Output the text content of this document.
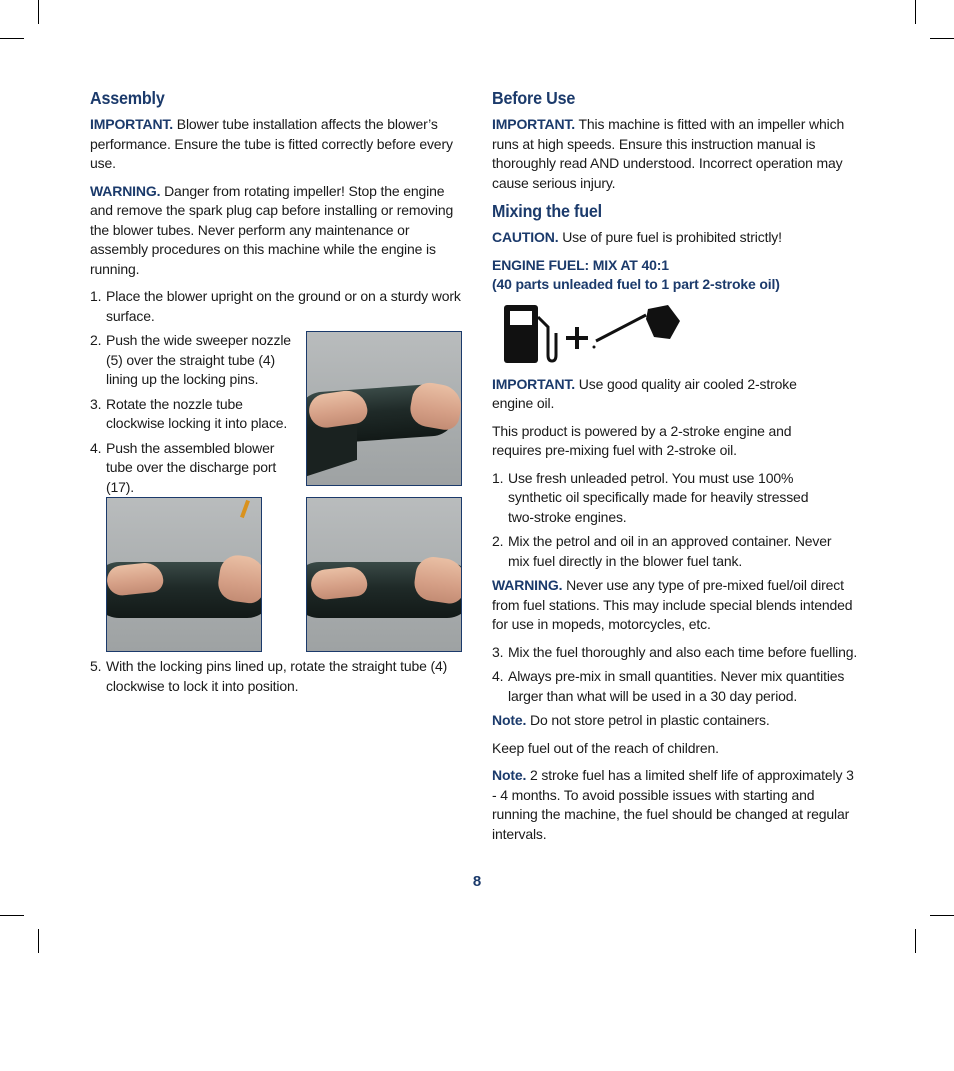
Assembly

IMPORTANT. Blower tube installation affects the blower’s performance. Ensure the tube is fitted correctly before every use.

WARNING. Danger from rotating impeller! Stop the engine and remove the spark plug cap before installing or removing the blower tubes. Never perform any maintenance or assembly procedures on this machine while the engine is running.

1. Place the blower upright on the ground or on a sturdy work surface.
2. Push the wide sweeper nozzle (5) over the straight tube (4) lining up the locking pins.
3. Rotate the nozzle tube clockwise locking it into place.
4. Push the assembled blower tube over the discharge port (17).
5. With the locking pins lined up, rotate the straight tube (4) clockwise to lock it into position.
Before Use

IMPORTANT. This machine is fitted with an impeller which runs at high speeds. Ensure this instruction manual is thoroughly read AND understood. Incorrect operation may cause serious injury.

Mixing the fuel

CAUTION. Use of pure fuel is prohibited strictly!

ENGINE FUEL: MIX AT 40:1
(40 parts unleaded fuel to 1 part 2-stroke oil)

IMPORTANT. Use good quality air cooled 2-stroke engine oil.

This product is powered by a 2-stroke engine and requires pre-mixing fuel with 2-stroke oil.

1. Use fresh unleaded petrol. You must use 100% synthetic oil specifically made for heavily stressed two-stroke engines.
2. Mix the petrol and oil in an approved container. Never mix fuel directly in the blower fuel tank.

WARNING. Never use any type of pre-mixed fuel/oil direct from fuel stations. This may include special blends intended for use in mopeds, motorcycles, etc.

3. Mix the fuel thoroughly and also each time before fuelling.
4. Always pre-mix in small quantities. Never mix quantities larger than what will be used in a 30 day period.

Note. Do not store petrol in plastic containers.

Keep fuel out of the reach of children.

Note. 2 stroke fuel has a limited shelf life of approximately 3 - 4 months. To avoid possible issues with starting and running the machine, the fuel should be changed at regular intervals.

8
